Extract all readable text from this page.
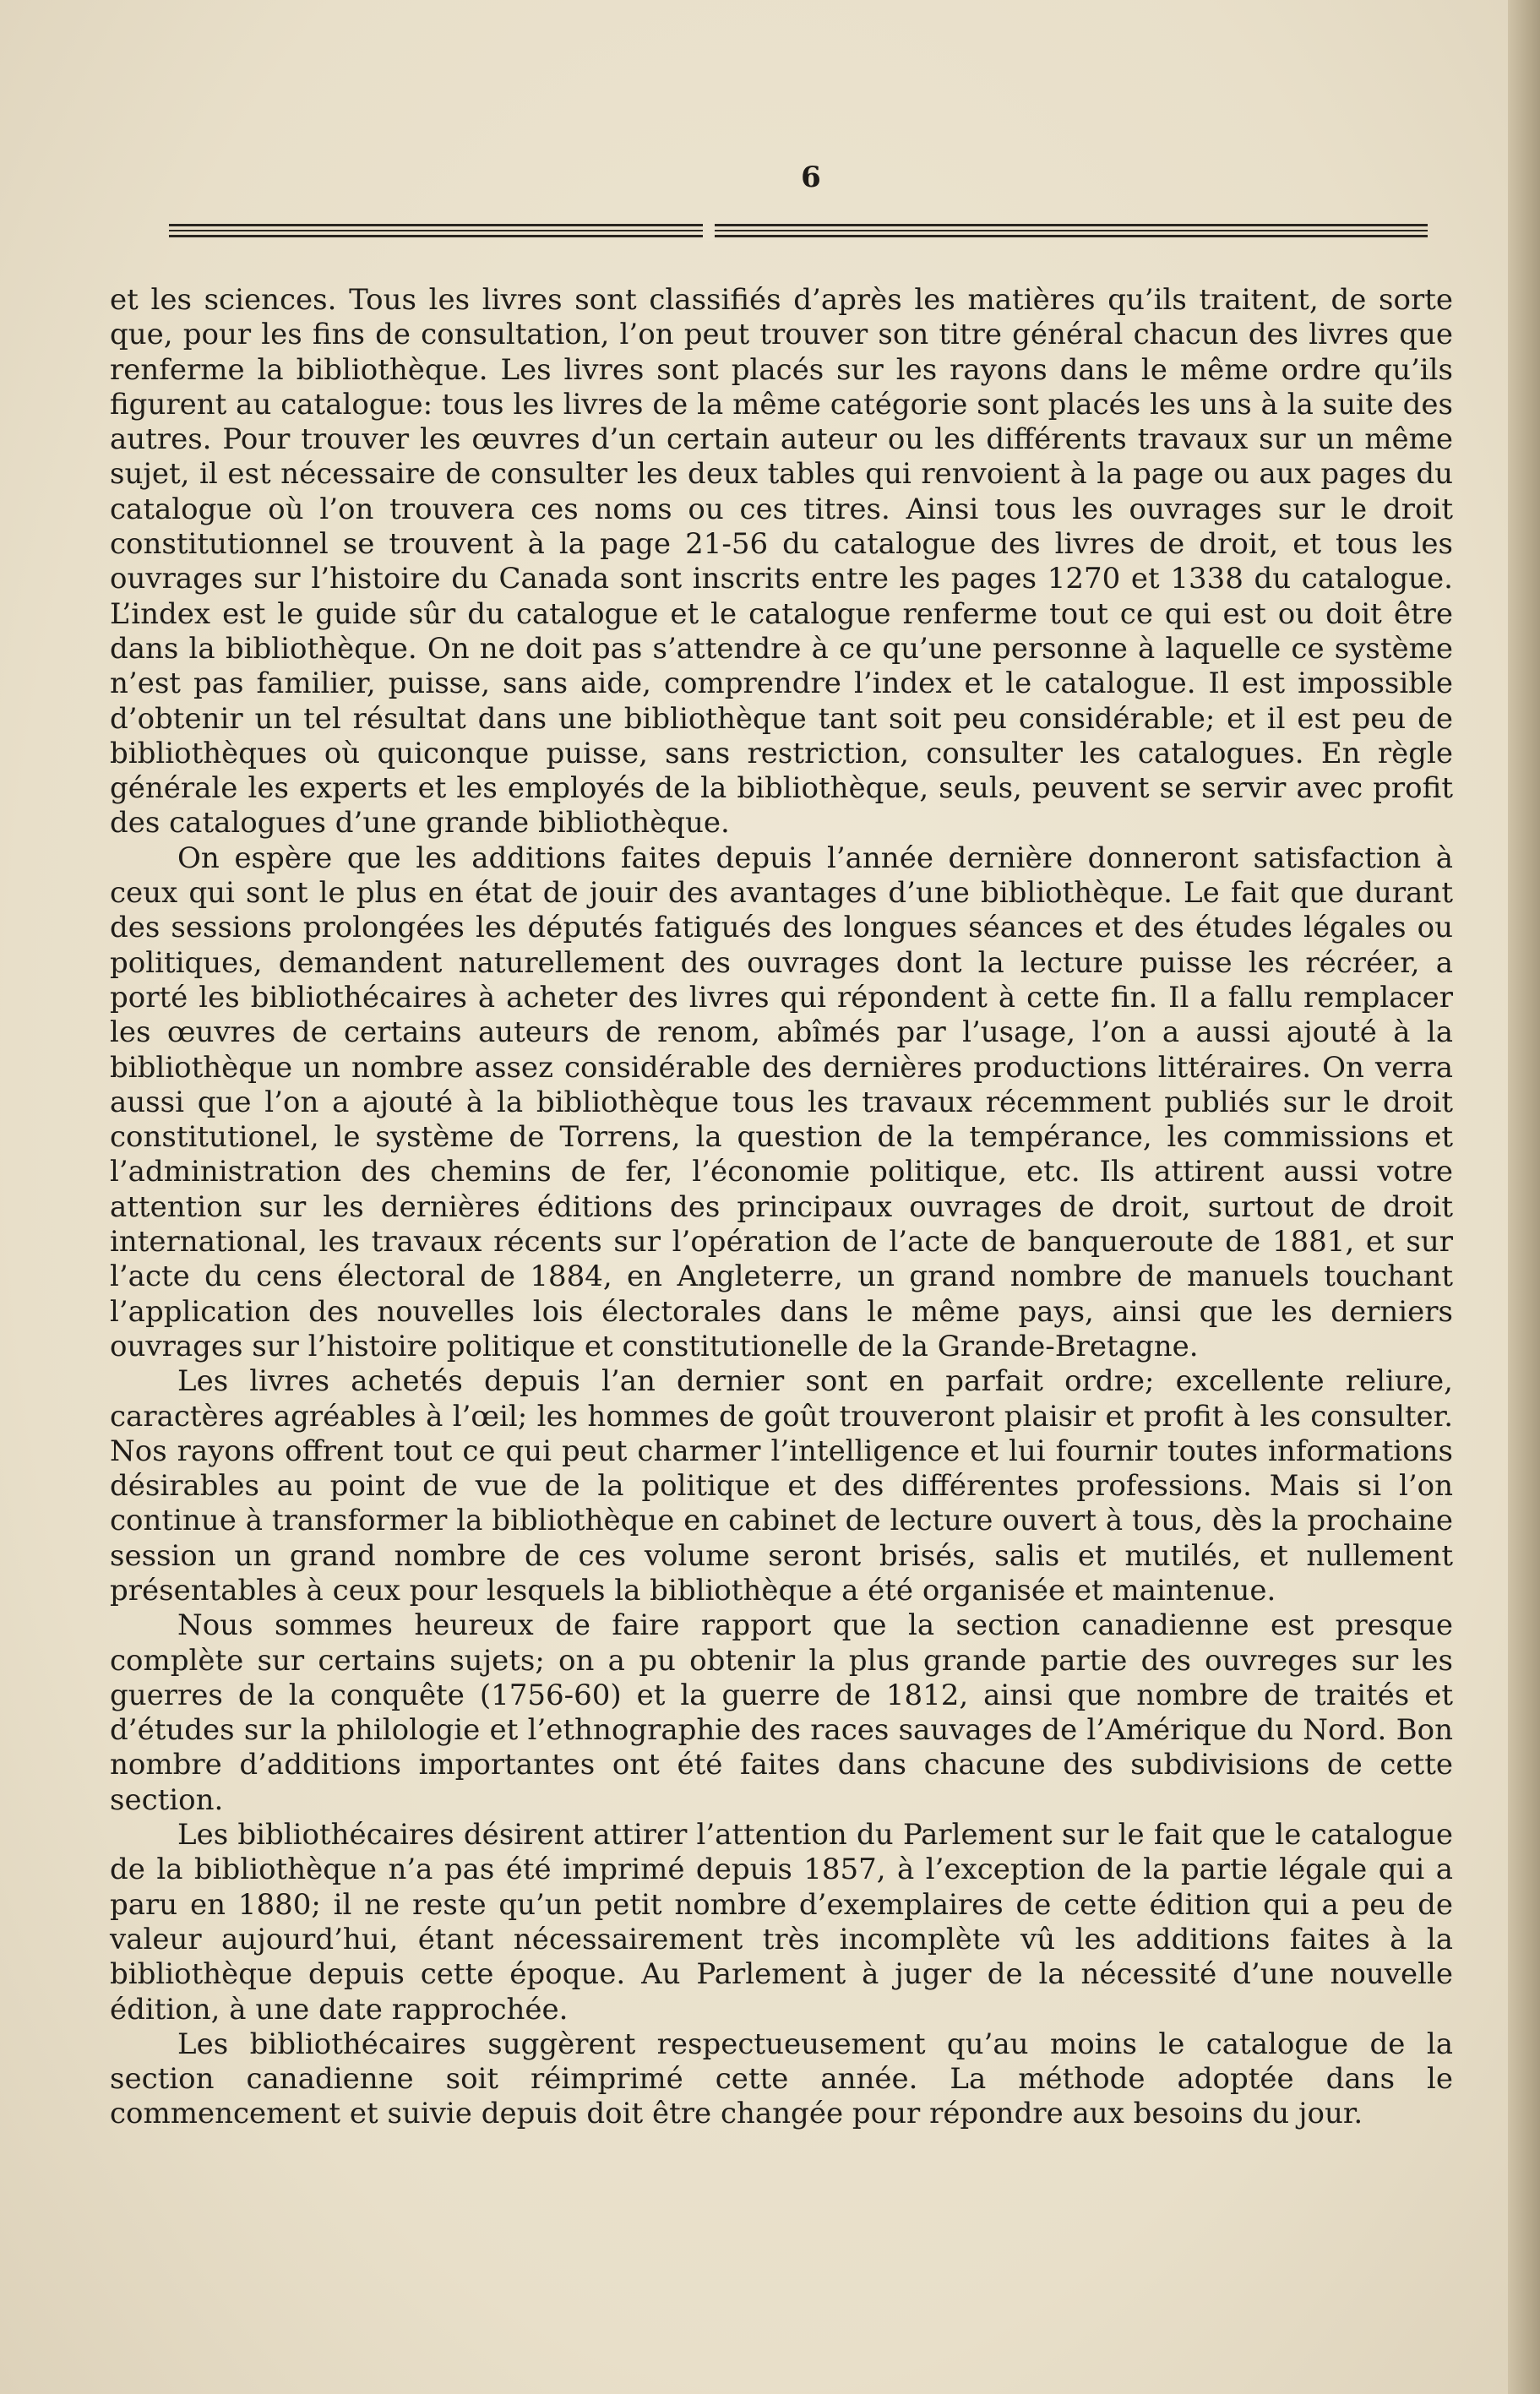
6

et les sciences. Tous les livres sont classifiés d’après les matières qu’ils traitent, de sorte que, pour les fins de consultation, l’on peut trouver son titre général chacun des livres que renferme la bibliothèque. Les livres sont placés sur les rayons dans le même ordre qu’ils figurent au catalogue: tous les livres de la même catégorie sont placés les uns à la suite des autres. Pour trouver les œuvres d’un certain auteur ou les différents travaux sur un même sujet, il est nécessaire de consulter les deux tables qui renvoient à la page ou aux pages du catalogue où l’on trouvera ces noms ou ces titres. Ainsi tous les ouvrages sur le droit constitutionnel se trouvent à la page 21-56 du catalogue des livres de droit, et tous les ouvrages sur l’histoire du Canada sont inscrits entre les pages 1270 et 1338 du catalogue. L’index est le guide sûr du catalogue et le catalogue renferme tout ce qui est ou doit être dans la bibliothèque. On ne doit pas s’attendre à ce qu’une personne à laquelle ce système n’est pas familier, puisse, sans aide, comprendre l’index et le catalogue. Il est impossible d’obtenir un tel résultat dans une bibliothèque tant soit peu considérable; et il est peu de bibliothèques où quiconque puisse, sans restriction, consulter les catalogues. En règle générale les experts et les employés de la bibliothèque, seuls, peuvent se servir avec profit des catalogues d’une grande bibliothèque.

On espère que les additions faites depuis l’année dernière donneront satisfaction à ceux qui sont le plus en état de jouir des avantages d’une bibliothèque. Le fait que durant des sessions prolongées les députés fatigués des longues séances et des études légales ou politiques, demandent naturellement des ouvrages dont la lecture puisse les récréer, a porté les bibliothécaires à acheter des livres qui répondent à cette fin. Il a fallu remplacer les œuvres de certains auteurs de renom, abîmés par l’usage, l’on a aussi ajouté à la bibliothèque un nombre assez considérable des dernières productions littéraires. On verra aussi que l’on a ajouté à la bibliothèque tous les travaux récemment publiés sur le droit constitutionel, le système de Torrens, la question de la tempérance, les commissions et l’administration des chemins de fer, l’économie politique, etc. Ils attirent aussi votre attention sur les dernières éditions des principaux ouvrages de droit, surtout de droit international, les travaux récents sur l’opération de l’acte de banqueroute de 1881, et sur l’acte du cens électoral de 1884, en Angleterre, un grand nombre de manuels touchant l’application des nouvelles lois électorales dans le même pays, ainsi que les derniers ouvrages sur l’histoire politique et constitutionelle de la Grande-Bretagne.

Les livres achetés depuis l’an dernier sont en parfait ordre; excellente reliure, caractères agréables à l’œil; les hommes de goût trouveront plaisir et profit à les consulter. Nos rayons offrent tout ce qui peut charmer l’intelligence et lui fournir toutes informations désirables au point de vue de la politique et des différentes professions. Mais si l’on continue à transformer la bibliothèque en cabinet de lecture ouvert à tous, dès la prochaine session un grand nombre de ces volume seront brisés, salis et mutilés, et nullement présentables à ceux pour lesquels la bibliothèque a été organisée et maintenue.

Nous sommes heureux de faire rapport que la section canadienne est presque complète sur certains sujets; on a pu obtenir la plus grande partie des ouvreges sur les guerres de la conquête (1756-60) et la guerre de 1812, ainsi que nombre de traités et d’études sur la philologie et l’ethnographie des races sauvages de l’Amérique du Nord. Bon nombre d’additions importantes ont été faites dans chacune des subdivisions de cette section.

Les bibliothécaires désirent attirer l’attention du Parlement sur le fait que le catalogue de la bibliothèque n’a pas été imprimé depuis 1857, à l’exception de la partie légale qui a paru en 1880; il ne reste qu’un petit nombre d’exemplaires de cette édition qui a peu de valeur aujourd’hui, étant nécessairement très incomplète vû les additions faites à la bibliothèque depuis cette époque. Au Parlement à juger de la nécessité d’une nouvelle édition, à une date rapprochée.

Les bibliothécaires suggèrent respectueusement qu’au moins le catalogue de la section canadienne soit réimprimé cette année. La méthode adoptée dans le commencement et suivie depuis doit être changée pour répondre aux besoins du jour.
